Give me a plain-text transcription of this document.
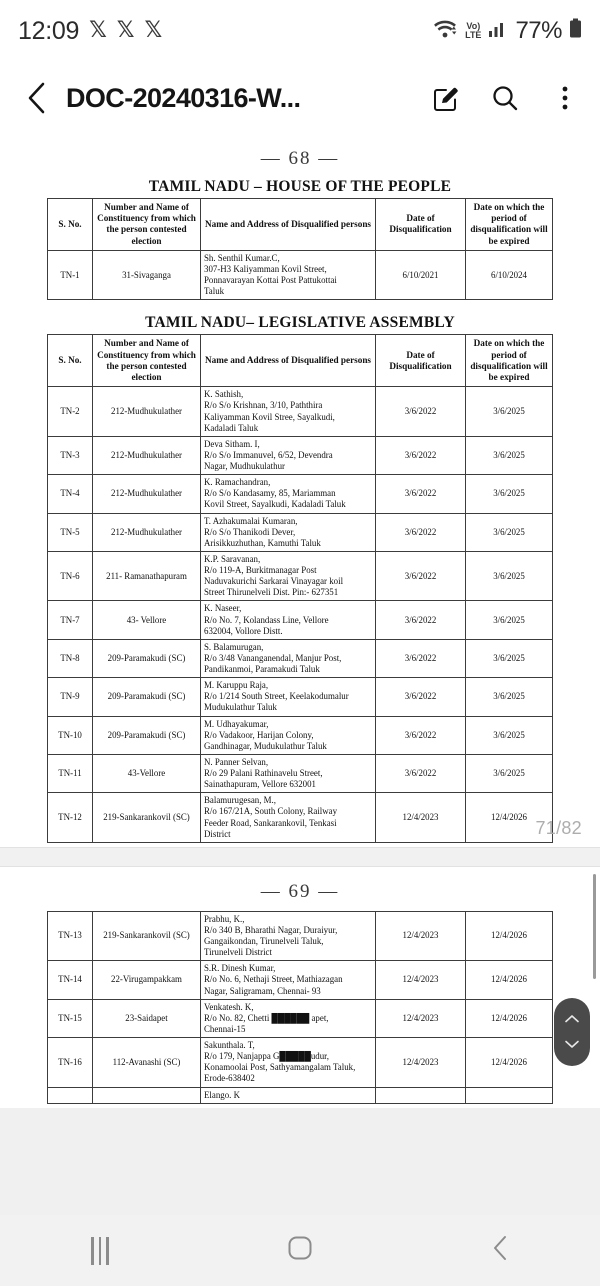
12:09 𝕏 𝕏 𝕏	Vo)
LTE 77%
DOC-20240316-W...
— 68 —
TAMIL NADU – HOUSE OF THE PEOPLE
S. No.	Number and Name of Constituency from which the person contested election	Name and Address of Disqualified persons	Date of Disqualification	Date on which the period of disqualification will be expired
TN-1	31-Sivaganga	Sh. Senthil Kumar.C,
307-H3 Kaliyamman Kovil Street,
Ponnavarayan Kottai Post Pattukottai
Taluk	6/10/2021	6/10/2024
TAMIL NADU– LEGISLATIVE ASSEMBLY
S. No.	Number and Name of Constituency from which the person contested election	Name and Address of Disqualified persons	Date of Disqualification	Date on which the period of disqualification will be expired
TN-2	212-Mudhukulather	K. Sathish,
R/o S/o Krishnan, 3/10, Paththira
Kaliyamman Kovil Stree, Sayalkudi,
Kadaladi Taluk	3/6/2022	3/6/2025
TN-3	212-Mudhukulather	Deva Sitham. I,
R/o S/o Immanuvel, 6/52, Devendra
Nagar, Mudhukulathur	3/6/2022	3/6/2025
TN-4	212-Mudhukulather	K. Ramachandran,
R/o S/o Kandasamy, 85, Mariamman
Kovil Street, Sayalkudi, Kadaladi Taluk	3/6/2022	3/6/2025
TN-5	212-Mudhukulather	T. Azhakumalai Kumaran,
R/o S/o Thanikodi Dever,
Arisikkuzhuthan, Kamuthi Taluk	3/6/2022	3/6/2025
TN-6	211- Ramanathapuram	K.P. Saravanan,
R/o 119-A, Burkitmanagar Post
Naduvakurichi Sarkarai Vinayagar koil
Street Thirunelveli Dist. Pin:- 627351	3/6/2022	3/6/2025
TN-7	43- Vellore	K. Naseer,
R/o No. 7, Kolandass Line, Vellore
632004, Vollore Distt.	3/6/2022	3/6/2025
TN-8	209-Paramakudi (SC)	S. Balamurugan,
R/o 3/48 Vananganendal, Manjur Post,
Pandikanmoi, Paramakudi Taluk	3/6/2022	3/6/2025
TN-9	209-Paramakudi (SC)	M. Karuppu Raja,
R/o 1/214 South Street, Keelakodumalur
Mudukulathur Taluk	3/6/2022	3/6/2025
TN-10	209-Paramakudi (SC)	M. Udhayakumar,
R/o Vadakoor, Harijan Colony,
Gandhinagar, Mudukulathur Taluk	3/6/2022	3/6/2025
TN-11	43-Vellore	N. Panner Selvan,
R/o 29 Palani Rathinavelu Street,
Sainathapuram, Vellore 632001	3/6/2022	3/6/2025
TN-12	219-Sankarankovil (SC)	Balamurugesan, M.,
R/o 167/21A, South Colony, Railway
Feeder Road, Sankarankovil, Tenkasi
District	12/4/2023	12/4/2026
71/82
— 69 —
TN-13	219-Sankarankovil (SC)	Prabhu, K.,
R/o 340 B, Bharathi Nagar, Duraiyur,
Gangaikondan, Tirunelveli Taluk,
Tirunelveli District	12/4/2023	12/4/2026
TN-14	22-Virugampakkam	S.R. Dinesh Kumar,
R/o No. 6, Nethaji Street, Mathiazagan
Nagar, Saligramam, Chennai- 93	12/4/2023	12/4/2026
TN-15	23-Saidapet	Venkatesh. K,
R/o No. 82, Chetti ██████ apet,
Chennai-15	12/4/2023	12/4/2026
TN-16	112-Avanashi (SC)	Sakunthala. T,
R/o 179, Nanjappa G█████udur,
Konamoolai Post, Sathyamangalam Taluk,
Erode-638402	12/4/2023	12/4/2026

		Elango. K		
